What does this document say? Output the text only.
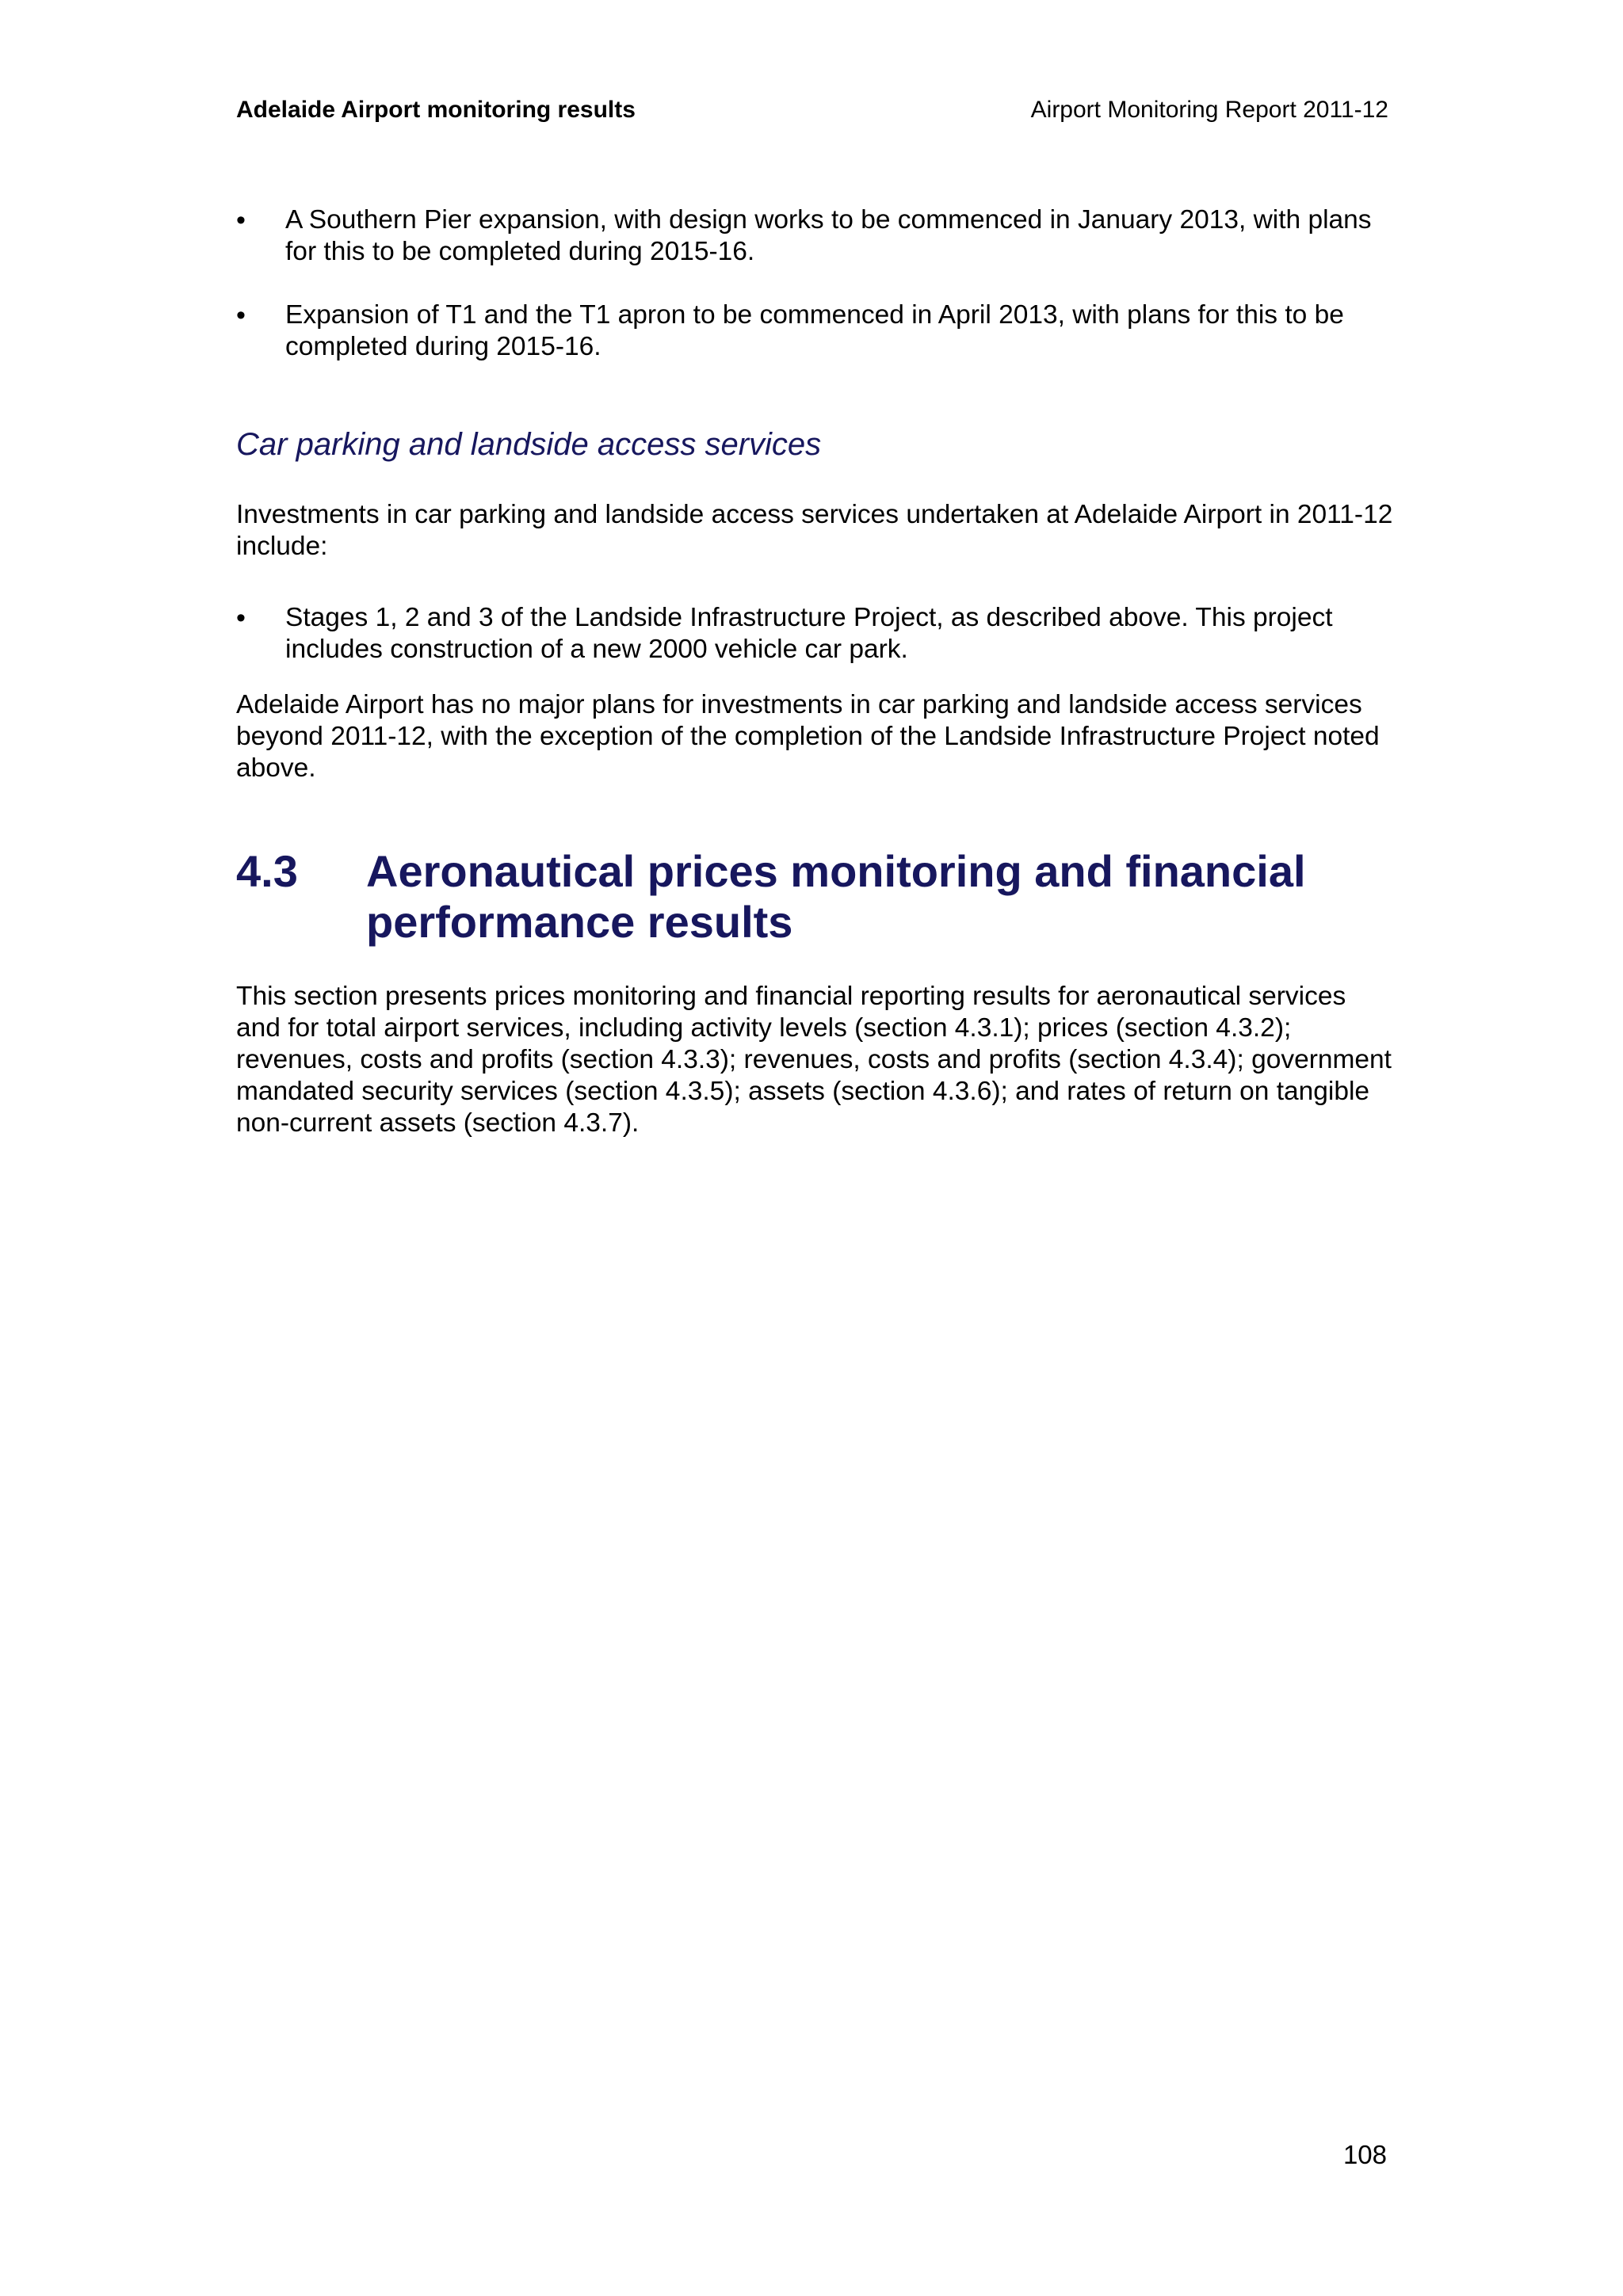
Adelaide Airport monitoring results	Airport Monitoring Report 2011-12
•	A Southern Pier expansion, with design works to be commenced in January 2013, with plans for this to be completed during 2015-16.
•	Expansion of T1 and the T1 apron to be commenced in April 2013, with plans for this to be completed during 2015-16.
Car parking and landside access services
Investments in car parking and landside access services undertaken at Adelaide Airport in 2011-12 include:
•	Stages 1, 2 and 3 of the Landside Infrastructure Project, as described above. This project includes construction of a new 2000 vehicle car park.
Adelaide Airport has no major plans for investments in car parking and landside access services beyond 2011-12, with the exception of the completion of the Landside Infrastructure Project noted above.
4.3 Aeronautical prices monitoring and financial performance results
This section presents prices monitoring and financial reporting results for aeronautical services and for total airport services, including activity levels (section 4.3.1); prices (section 4.3.2); revenues, costs and profits (section 4.3.3); revenues, costs and profits (section 4.3.4); government mandated security services (section 4.3.5); assets (section 4.3.6); and rates of return on tangible non-current assets (section 4.3.7).
108
